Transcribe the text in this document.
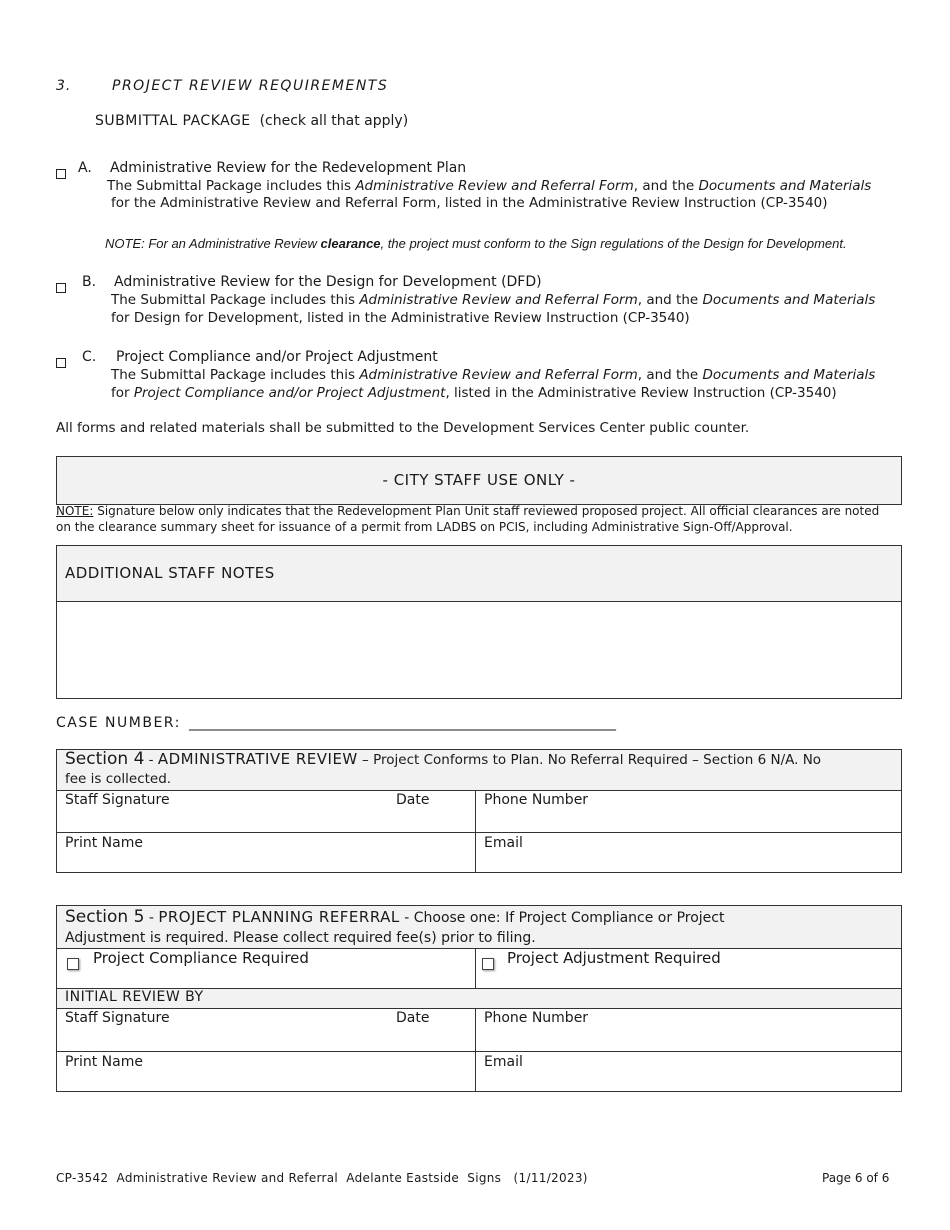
3.	PROJECT REVIEW REQUIREMENTS
SUBMITTAL PACKAGE (check all that apply)
A. Administrative Review for the Redevelopment Plan
The Submittal Package includes this Administrative Review and Referral Form, and the Documents and Materials
for the Administrative Review and Referral Form, listed in the Administrative Review Instruction (CP-3540)
NOTE: For an Administrative Review clearance, the project must conform to the Sign regulations of the Design for Development.
B. Administrative Review for the Design for Development (DFD)
The Submittal Package includes this Administrative Review and Referral Form, and the Documents and Materials
for Design for Development, listed in the Administrative Review Instruction (CP-3540)
C. Project Compliance and/or Project Adjustment
The Submittal Package includes this Administrative Review and Referral Form, and the Documents and Materials
for Project Compliance and/or Project Adjustment, listed in the Administrative Review Instruction (CP-3540)
All forms and related materials shall be submitted to the Development Services Center public counter.
- CITY STAFF USE ONLY -
NOTE: Signature below only indicates that the Redevelopment Plan Unit staff reviewed proposed project. All official clearances are noted
on the clearance summary sheet for issuance of a permit from LADBS on PCIS, including Administrative Sign-Off/Approval.
ADDITIONAL STAFF NOTES
CASE NUMBER: _____________________________________________________________
Section 4 - ADMINISTRATIVE REVIEW – Project Conforms to Plan. No Referral Required – Section 6 N/A. No
fee is collected.
Staff Signature	Date	Phone Number
Print Name	Email
Section 5 - PROJECT PLANNING REFERRAL - Choose one: If Project Compliance or Project
Adjustment is required. Please collect required fee(s) prior to filing.
INITIAL REVIEW BY
Project Compliance Required	Project Adjustment Required
Staff Signature	Date	Phone Number
Print Name	Email
CP-3542  Administrative Review and Referral  Adelante Eastside  Signs   (1/11/2023)	Page 6 of 6
